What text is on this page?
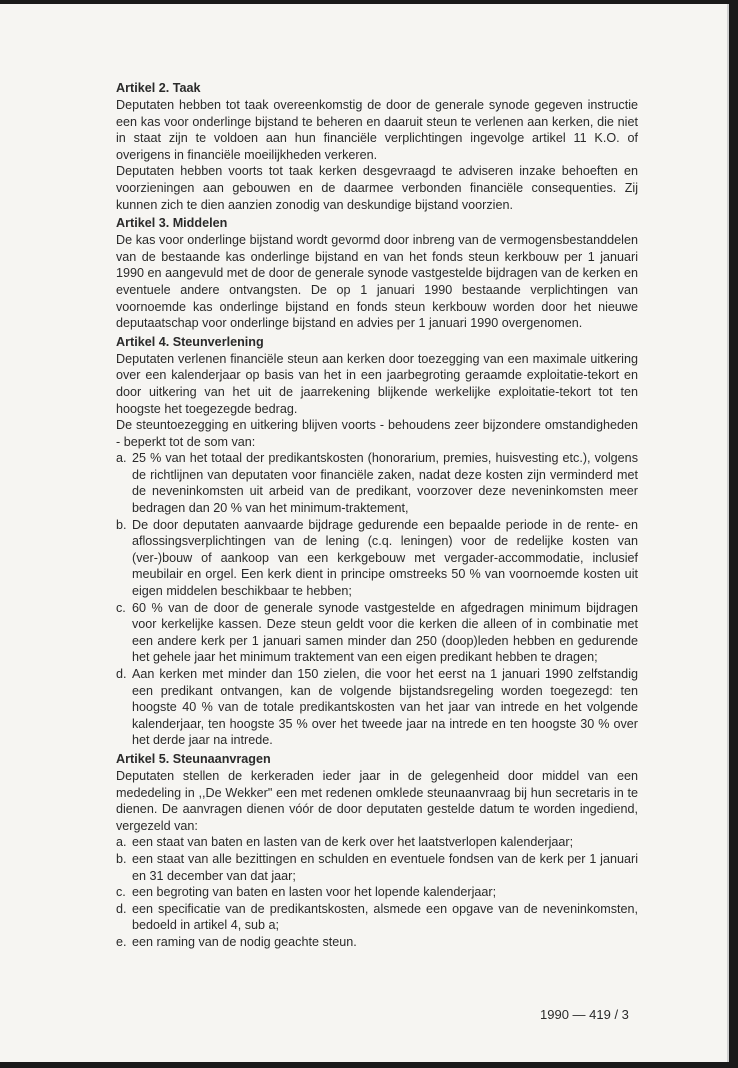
Artikel 2. Taak

Deputaten hebben tot taak overeenkomstig de door de generale synode gegeven instructie een kas voor onderlinge bijstand te beheren en daaruit steun te verlenen aan kerken, die niet in staat zijn te voldoen aan hun financiële verplichtingen ingevolge artikel 11 K.O. of overigens in financiële moeilijkheden verkeren.

Deputaten hebben voorts tot taak kerken desgevraagd te adviseren inzake behoeften en voorzieningen aan gebouwen en de daarmee verbonden financiële consequenties. Zij kunnen zich te dien aanzien zonodig van deskundige bijstand voorzien.

Artikel 3. Middelen

De kas voor onderlinge bijstand wordt gevormd door inbreng van de vermogensbestanddelen van de bestaande kas onderlinge bijstand en van het fonds steun kerkbouw per 1 januari 1990 en aangevuld met de door de generale synode vastgestelde bijdragen van de kerken en eventuele andere ontvangsten. De op 1 januari 1990 bestaande verplichtingen van voornoemde kas onderlinge bijstand en fonds steun kerkbouw worden door het nieuwe deputaatschap voor onderlinge bijstand en advies per 1 januari 1990 overgenomen.

Artikel 4. Steunverlening

Deputaten verlenen financiële steun aan kerken door toezegging van een maximale uitkering over een kalenderjaar op basis van het in een jaarbegroting geraamde exploitatie-tekort en door uitkering van het uit de jaarrekening blijkende werkelijke exploitatie-tekort tot ten hoogste het toegezegde bedrag.

De steuntoezegging en uitkering blijven voorts - behoudens zeer bijzondere omstandigheden - beperkt tot de som van:

a. 25 % van het totaal der predikantskosten (honorarium, premies, huisvesting etc.), volgens de richtlijnen van deputaten voor financiële zaken, nadat deze kosten zijn verminderd met de neveninkomsten uit arbeid van de predikant, voorzover deze neveninkomsten meer bedragen dan 20 % van het minimum-traktement,
b. De door deputaten aanvaarde bijdrage gedurende een bepaalde periode in de rente- en aflossingsverplichtingen van de lening (c.q. leningen) voor de redelijke kosten van (ver-)bouw of aankoop van een kerkgebouw met vergader-accommodatie, inclusief meubilair en orgel. Een kerk dient in principe omstreeks 50 % van voornoemde kosten uit eigen middelen beschikbaar te hebben;
c. 60 % van de door de generale synode vastgestelde en afgedragen minimum bijdragen voor kerkelijke kassen. Deze steun geldt voor die kerken die alleen of in combinatie met een andere kerk per 1 januari samen minder dan 250 (doop)leden hebben en gedurende het gehele jaar het minimum traktement van een eigen predikant hebben te dragen;
d. Aan kerken met minder dan 150 zielen, die voor het eerst na 1 januari 1990 zelfstandig een predikant ontvangen, kan de volgende bijstandsregeling worden toegezegd: ten hoogste 40 % van de totale predikantskosten van het jaar van intrede en het volgende kalenderjaar, ten hoogste 35 % over het tweede jaar na intrede en ten hoogste 30 % over het derde jaar na intrede.
Artikel 5. Steunaanvragen

Deputaten stellen de kerkeraden ieder jaar in de gelegenheid door middel van een mededeling in ,,De Wekker" een met redenen omklede steunaanvraag bij hun secretaris in te dienen. De aanvragen dienen vóór de door deputaten gestelde datum te worden ingediend, vergezeld van:

a. een staat van baten en lasten van de kerk over het laatstverlopen kalenderjaar;
b. een staat van alle bezittingen en schulden en eventuele fondsen van de kerk per 1 januari en 31 december van dat jaar;
c. een begroting van baten en lasten voor het lopende kalenderjaar;
d. een specificatie van de predikantskosten, alsmede een opgave van de neveninkomsten, bedoeld in artikel 4, sub a;
e. een raming van de nodig geachte steun.
1990 — 419 / 3
